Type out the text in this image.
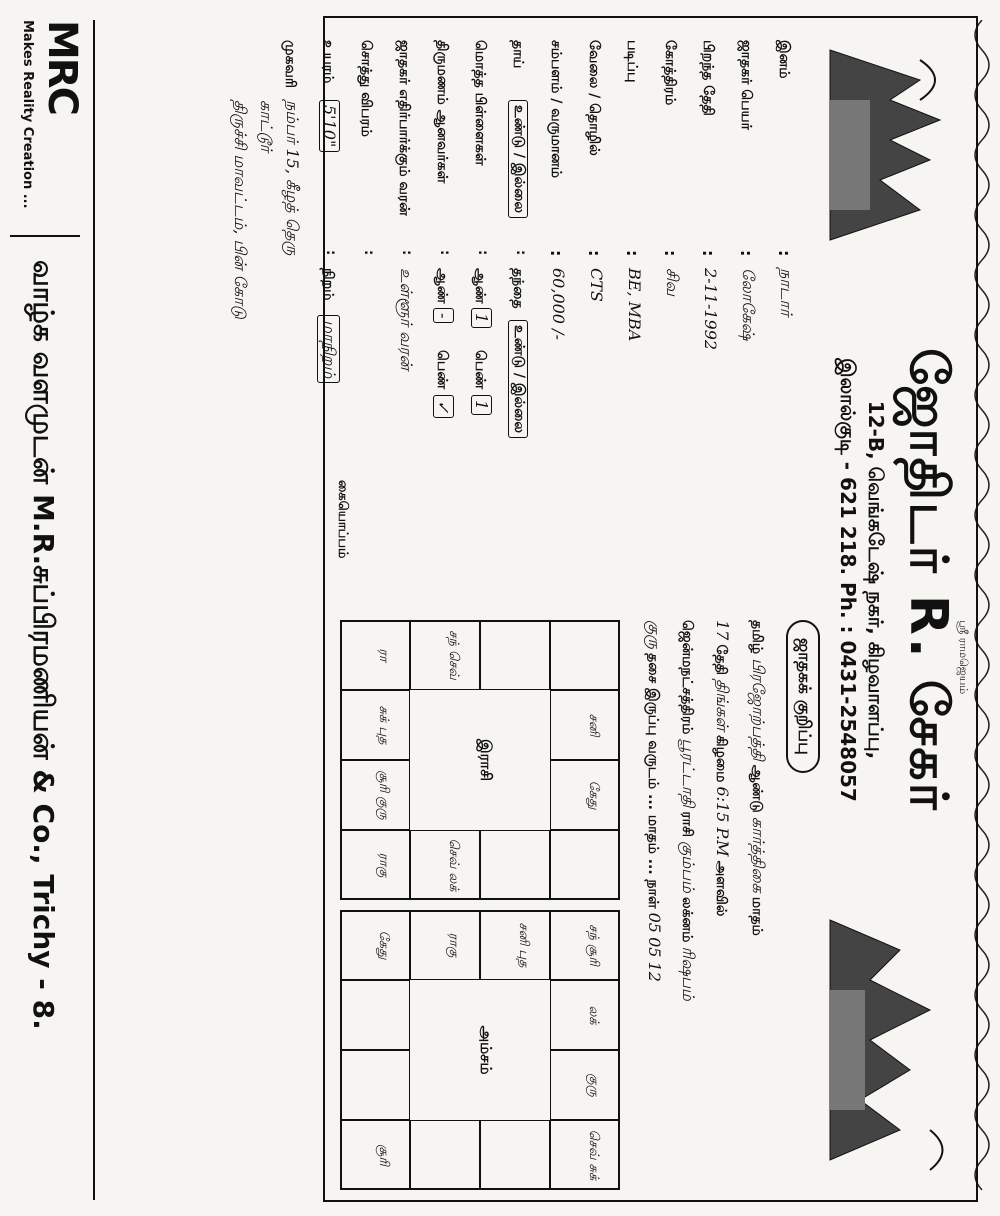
ஸ்ரீ ராமஜெயம்
ஜோதிடர் R. சேகர்
12-B, வெங்கடேஷ் நகர், கிழவாளப்பு,
இலால்குடி - 621 218. Ph. : 0431-2548057
ஜாதகக் குறிப்பு
தமிழ் பிரஜோற்பத்தி ஆண்டு கார்த்திகை மாதம்
17 தேதி திங்கள் கிழமை 6:15 P.M அளவில்
ஜென்மநட்சத்திரம் பூரட்டாதி ராசி கும்பம் லக்னம் ரிஷபம்
குரு தசை இருப்பு வருடம் ... மாதம் ... நாள் 05 05 12
இனம்
:
நாடார்
ஜாதகர் பெயர்
:
லோகேஷ்
பிறந்த தேதி
:
2-11-1992
கோத்திரம்
:
சிவ
படிப்பு
:
BE, MBA
வேலை / தொழில்
:
CTS
சம்பளம் / வருமானம்
:
60,000 /-
தாய்
உண்டு / இல்லை
:
தந்தை
உண்டு / இல்லை
மொத்த பிள்ளைகள்
:
ஆண்
1
பெண்
1
திருமணம் ஆனவர்கள்
:
ஆண்
-
பெண்
✓
ஜாதகர் எதிர்பார்க்கும் வரன்
:
உள்ளூர் வரன்
சொத்து விபரம்
:
உயரம்
5'10"
:
நிறம்
மாநிறம்
முகவரி
நம்பர் 15, கீழத் தெரு
காட்டூர்
திருச்சி மாவட்டம், பின் கோடு
சனி
கேது
சந் செவ்
செவ் லக்
ரா
சுக் புத
சூரி குரு
ராகு
சந் சூரி
லக்
குரு
செவ் சுக்
சனி புத
ராகு
கேது
சூரி
இராசி
அம்சம்
கையொப்பம்
MRC
Makes Reality Creation ...
வாழ்க வளமுடன் M.R.சுப்பிரமணியன் & Co., Trichy - 8.
